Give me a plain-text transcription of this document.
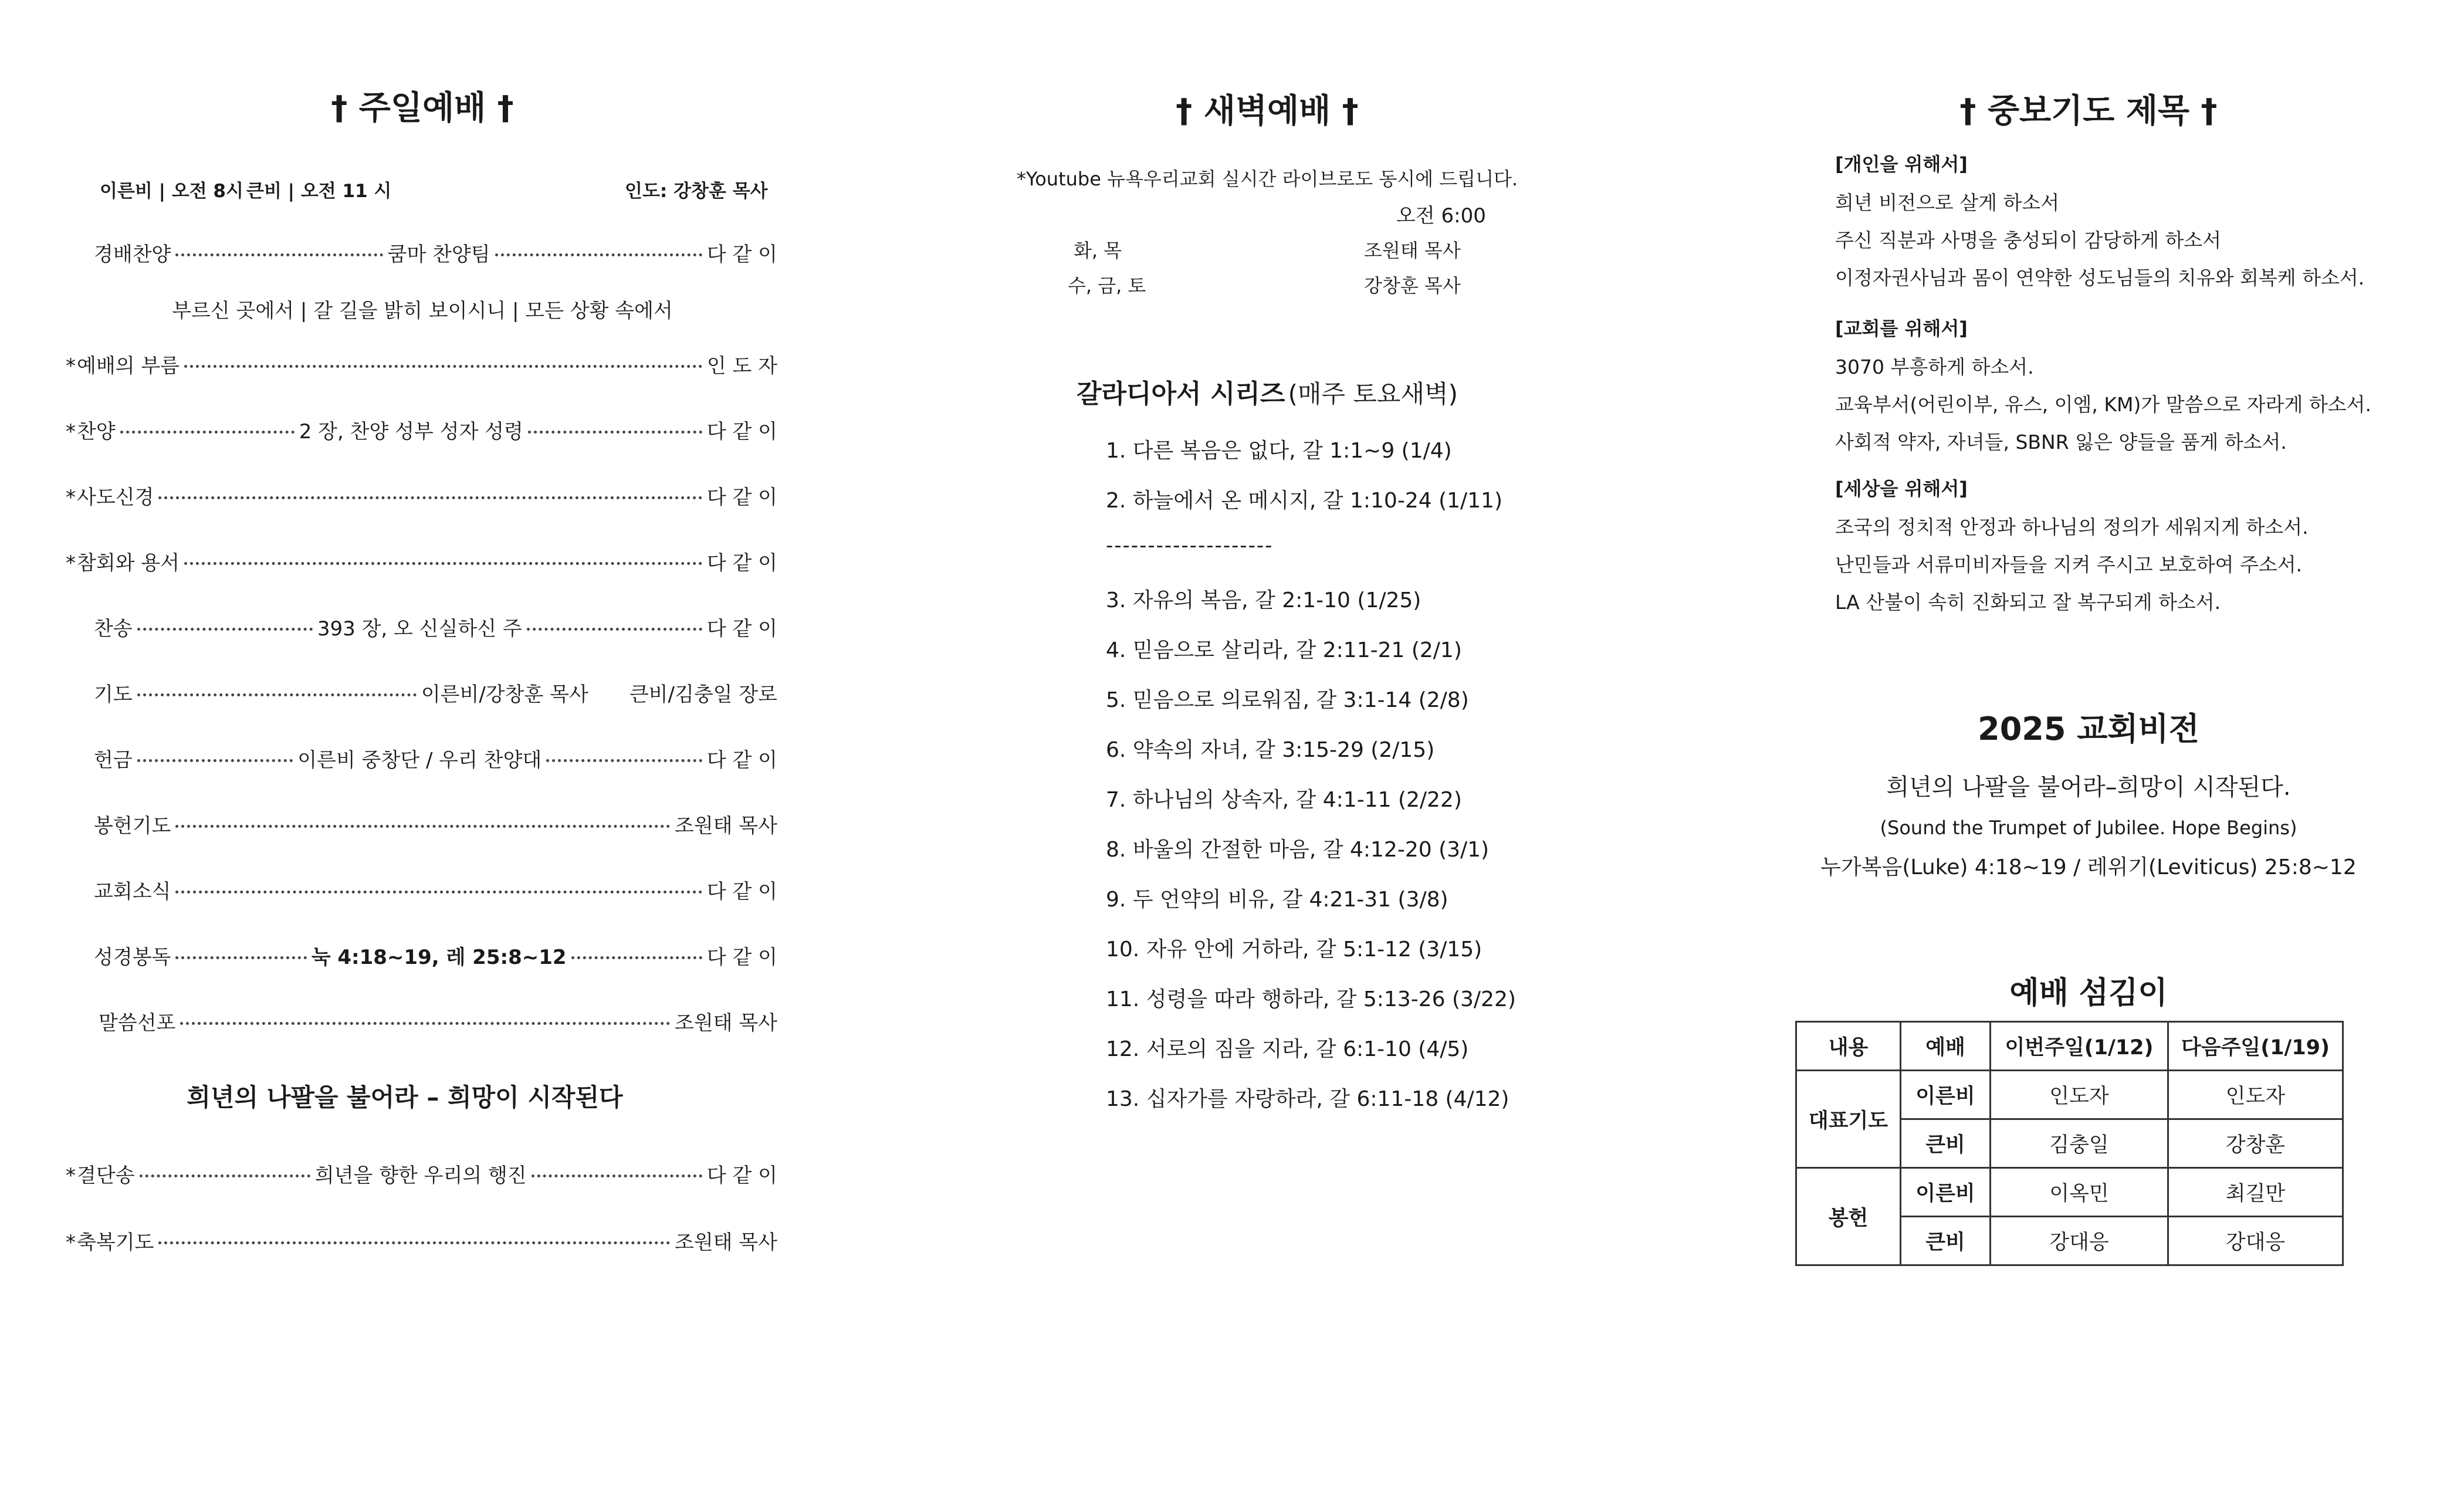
† 주일예배 †
이른비 | 오전 8시 큰비 | 오전 11 시	인도: 강창훈 목사
경배찬양	쿰마 찬양팀	다 같 이
부르신 곳에서 | 갈 길을 밝히 보이시니 | 모든 상황 속에서
* 예배의 부름	인 도 자
* 찬양	2 장, 찬양 성부 성자 성령	다 같 이
* 사도신경	다 같 이
* 참회와 용서	다 같 이
찬송	393 장, 오 신실하신 주	다 같 이
기도	이른비/강창훈 목사 큰비/김충일 장로
헌금	이른비 중창단 / 우리 찬양대	다 같 이
봉헌기도	조원태 목사
교회소식	다 같 이
성경봉독	눅 4:18~19, 레 25:8~12	다 같 이
말씀선포	조원태 목사
희년의 나팔을 불어라 – 희망이 시작된다
* 결단송	희년을 향한 우리의 행진	다 같 이
* 축복기도	조원태 목사
† 새벽예배 †
*Youtube 뉴욕우리교회 실시간 라이브로도 동시에 드립니다.
오전 6:00
화, 목	조원태 목사
수, 금, 토	강창훈 목사
갈라디아서 시리즈 (매주 토요새벽)
1. 다른 복음은 없다, 갈 1:1~9 (1/4)
2. 하늘에서 온 메시지, 갈 1:10-24 (1/11)
--------------------
3. 자유의 복음, 갈 2:1-10 (1/25)
4. 믿음으로 살리라, 갈 2:11-21 (2/1)
5. 믿음으로 의로워짐, 갈 3:1-14 (2/8)
6. 약속의 자녀, 갈 3:15-29 (2/15)
7. 하나님의 상속자, 갈 4:1-11 (2/22)
8. 바울의 간절한 마음, 갈 4:12-20 (3/1)
9. 두 언약의 비유, 갈 4:21-31 (3/8)
10. 자유 안에 거하라, 갈 5:1-12 (3/15)
11. 성령을 따라 행하라, 갈 5:13-26 (3/22)
12. 서로의 짐을 지라, 갈 6:1-10 (4/5)
13. 십자가를 자랑하라, 갈 6:11-18 (4/12)
† 중보기도 제목 †
[개인을 위해서]
희년 비전으로 살게 하소서
주신 직분과 사명을 충성되이 감당하게 하소서
이정자권사님과 몸이 연약한 성도님들의 치유와 회복케 하소서.
[교회를 위해서]
3070 부흥하게 하소서.
교육부서(어린이부, 유스, 이엠, KM)가 말씀으로 자라게 하소서.
사회적 약자, 자녀들, SBNR 잃은 양들을 품게 하소서.
[세상을 위해서]
조국의 정치적 안정과 하나님의 정의가 세워지게 하소서.
난민들과 서류미비자들을 지켜 주시고 보호하여 주소서.
LA 산불이 속히 진화되고 잘 복구되게 하소서.
2025 교회비전
희년의 나팔을 불어라–희망이 시작된다.
(Sound the Trumpet of Jubilee. Hope Begins)
누가복음(Luke) 4:18~19 / 레위기(Leviticus) 25:8~12
예배 섬김이
내용	예배	이번주일(1/12)	다음주일(1/19)
대표기도	이른비	인도자	인도자
	큰비	김충일	강창훈
봉헌	이른비	이옥민	최길만
	큰비	강대응	강대응
